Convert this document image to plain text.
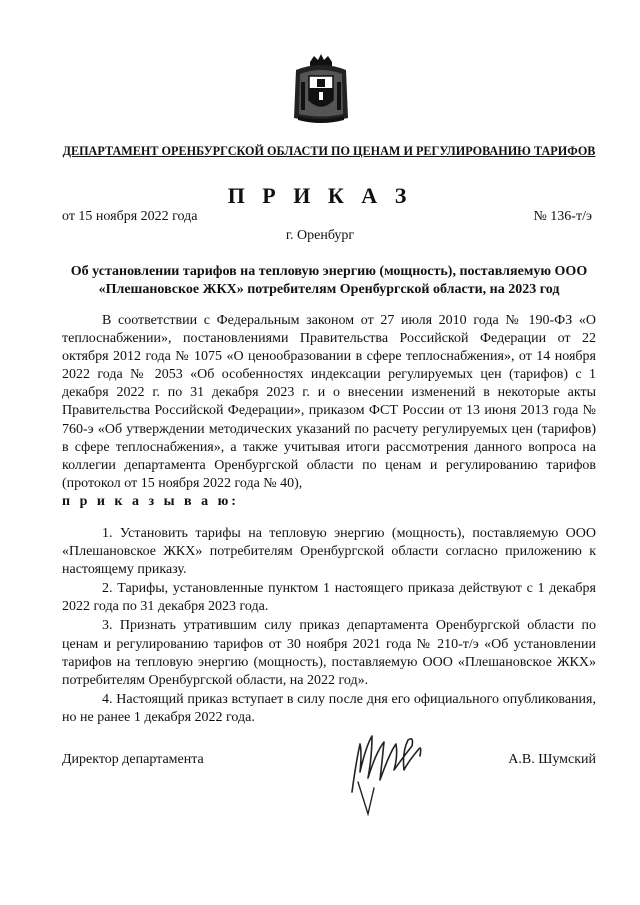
ДЕПАРТАМЕНТ ОРЕНБУРГСКОЙ ОБЛАСТИ ПО ЦЕНАМ И РЕГУЛИРОВАНИЮ ТАРИФОВ
П Р И К А З
от 15 ноября 2022 года	№ 136-т/э
г. Оренбург
Об установлении тарифов на тепловую энергию (мощность), поставляемую ООО «Плешановское ЖКХ» потребителям Оренбургской области, на 2023 год

В соответствии с Федеральным законом от 27 июля 2010 года № 190-ФЗ «О теплоснабжении», постановлениями Правительства Российской Федерации от 22 октября 2012 года № 1075 «О ценообразовании в сфере теплоснабжения», от 14 ноября 2022 года № 2053 «Об особенностях индексации регулируемых цен (тарифов) с 1 декабря 2022 г. по 31 декабря 2023 г. и о внесении изменений в некоторые акты Правительства Российской Федерации», приказом ФСТ России от 13 июня 2013 года № 760-э «Об утверждении методических указаний по расчету регулируемых цен (тарифов) в сфере теплоснабжения», а также учитывая итоги рассмотрения данного вопроса на коллегии департамента Оренбургской области по ценам и регулированию тарифов (протокол от 15 ноября 2022 года № 40),

п р и к а з ы в а ю:

1. Установить тарифы на тепловую энергию (мощность), поставляемую ООО «Плешановское ЖКХ» потребителям Оренбургской области согласно приложению к настоящему приказу.

2. Тарифы, установленные пунктом 1 настоящего приказа действуют с 1 декабря 2022 года по 31 декабря 2023 года.

3. Признать утратившим силу приказ департамента Оренбургской области по ценам и регулированию тарифов от 30 ноября 2021 года № 210-т/э «Об установлении тарифов на тепловую энергию (мощность), поставляемую ООО «Плешановское ЖКХ» потребителям Оренбургской области, на 2022 год».

4. Настоящий приказ вступает в силу после дня его официального опубликования, но не ранее 1 декабря 2022 года.

Директор департамента	А.В. Шумский
